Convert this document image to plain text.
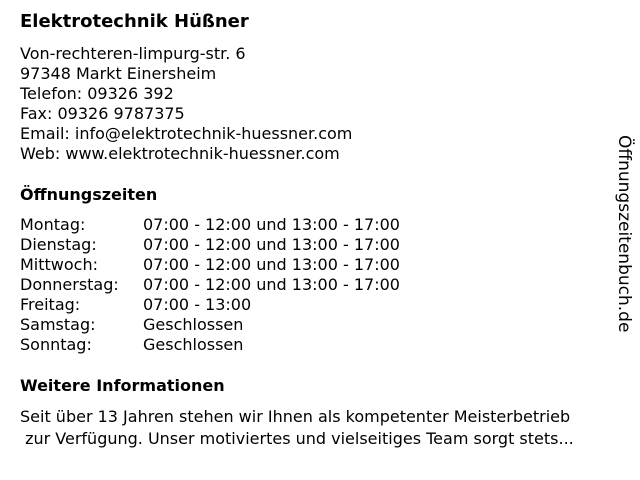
Elektrotechnik Hüßner
Von-rechteren-limpurg-str. 6
97348 Markt Einersheim
Telefon: 09326 392
Fax: 09326 9787375
Email: info@elektrotechnik-huessner.com
Web: www.elektrotechnik-huessner.com
Öffnungszeiten
Montag:	07:00 - 12:00 und 13:00 - 17:00
Dienstag:	07:00 - 12:00 und 13:00 - 17:00
Mittwoch:	07:00 - 12:00 und 13:00 - 17:00
Donnerstag:	07:00 - 12:00 und 13:00 - 17:00
Freitag:	07:00 - 13:00
Samstag:	Geschlossen
Sonntag:	Geschlossen
Weitere Informationen
Seit über 13 Jahren stehen wir Ihnen als kompetenter Meisterbetrieb
zur Verfügung. Unser motiviertes und vielseitiges Team sorgt stets...
Öffnungszeitenbuch.de
